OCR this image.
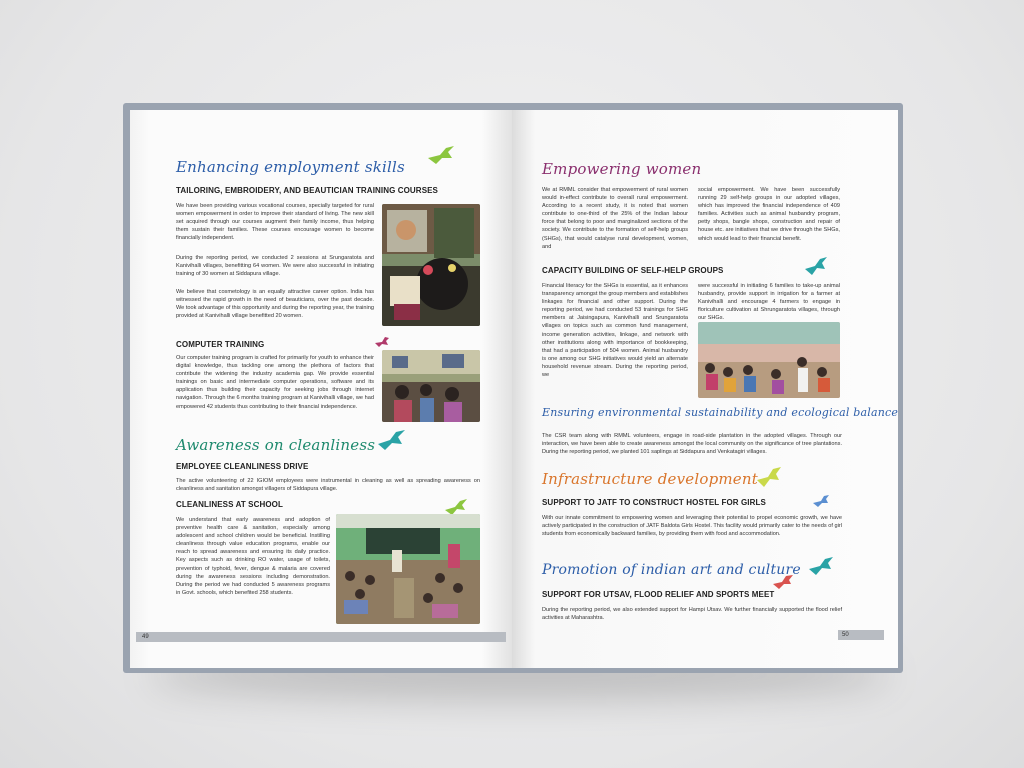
Enhancing employment skills
TAILORING, EMBROIDERY, AND BEAUTICIAN TRAINING COURSES
We have been providing various vocational courses, specially targeted for rural women empowerment in order to improve their standard of living. The new skill set acquired through our courses augment their family income, thus helping them sustain their families. These courses encourage women to become financially independent.
During the reporting period, we conducted 2 sessions at Srungaratota and Kanivihalli villages, benefitting 64 women. We were also successful in initiating training of 30 women at Siddapura village.
We believe that cosmetology is an equally attractive career option. India has witnessed the rapid growth in the need of beauticians, over the past decade. We took advantage of this opportunity and during the reporting year, the training provided at Kanivihalli village benefitted 20 women.
COMPUTER TRAINING
Our computer training program is crafted for primarily for youth to enhance their digital knowledge, thus tackling one among the plethora of factors that contribute the widening the industry academia gap. We provide essential trainings on basic and intermediate computer operations, software and its application thus building their capacity for seeking jobs through internet navigation. Through the 6 months training program at Kanivihalli village, we had empowered 42 students thus contributing to their financial independence.
Awareness on cleanliness
EMPLOYEE CLEANLINESS DRIVE
The active volunteering of 22 IGIOM employees were instrumental in cleaning as well as spreading awareness on cleanliness and sanitation amongst villagers of Siddapura village.
CLEANLINESS AT SCHOOL
We understand that early awareness and adoption of preventive health care & sanitation, especially among adolescent and school children would be beneficial. Instilling cleanliness through value education programs, enable our reach to spread awareness and ensuring its daily practice. Key aspects such as drinking RO water, usage of toilets, prevention of typhoid, fever, dengue & malaria are covered during the awareness sessions including demonstration. During the period we had conducted 5 awareness programs in Govt. schools, which benefited 258 students.
49
Empowering women
We at RMML consider that empowerment of rural women would in-effect contribute to overall rural empowerment. According to a recent study, it is noted that women contribute to one-third of the 25% of the Indian labour force that belong to poor and marginalized sections of the society. We contribute to the formation of self-help groups (SHGs), that would catalyse rural development, women, and
social empowerment. We have been successfully running 29 self-help groups in our adopted villages, which has improved the financial independence of 409 families. Activities such as animal husbandry program, petty shops, bangle shops, construction and repair of house etc. are initiatives that we drive through the SHGs, which would lead to their financial benefit.
CAPACITY BUILDING OF SELF-HELP GROUPS
Financial literacy for the SHGs is essential, as it enhances transparency amongst the group members and establishes linkages for financial and other support. During the reporting period, we had conducted 53 trainings for SHG members at Jaisingapura, Kanivihalli and Srungaratota villages on topics such as common fund management, income generation activities, linkage, and network with other institutions along with importance of bookkeeping, that had a participation of 504 women. Animal husbandry is one among our SHG initiatives would yield an alternate household revenue stream. During the reporting period, we
were successful in initiating 6 families to take-up animal husbandry, provide support in irrigation for a farmer at Kanivihalli and encourage 4 farmers to engage in floriculture cultivation at Shrungaratota villages, through our SHGs.
Ensuring environmental sustainability and ecological balance
The CSR team along with RMML volunteers, engage in road-side plantation in the adopted villages. Through our interaction, we have been able to create awareness amongst the local community on the significance of tree plantations. During the reporting period, we planted 101 saplings at Siddapura and Venkatagiri villages.
Infrastructure development
SUPPORT TO JATF TO CONSTRUCT HOSTEL FOR GIRLS
With our innate commitment to empowering women and leveraging their potential to propel economic growth, we have actively participated in the construction of JATF Baldota Girls Hostel. This facility would primarily cater to the needs of girl students from economically backward families, by providing them with food and accommodation.
Promotion of indian art and culture
SUPPORT FOR UTSAV, FLOOD RELIEF AND SPORTS MEET
During the reporting period, we also extended support for Hampi Utsav. We further financially supported the flood relief activities at Maharashtra.
50
